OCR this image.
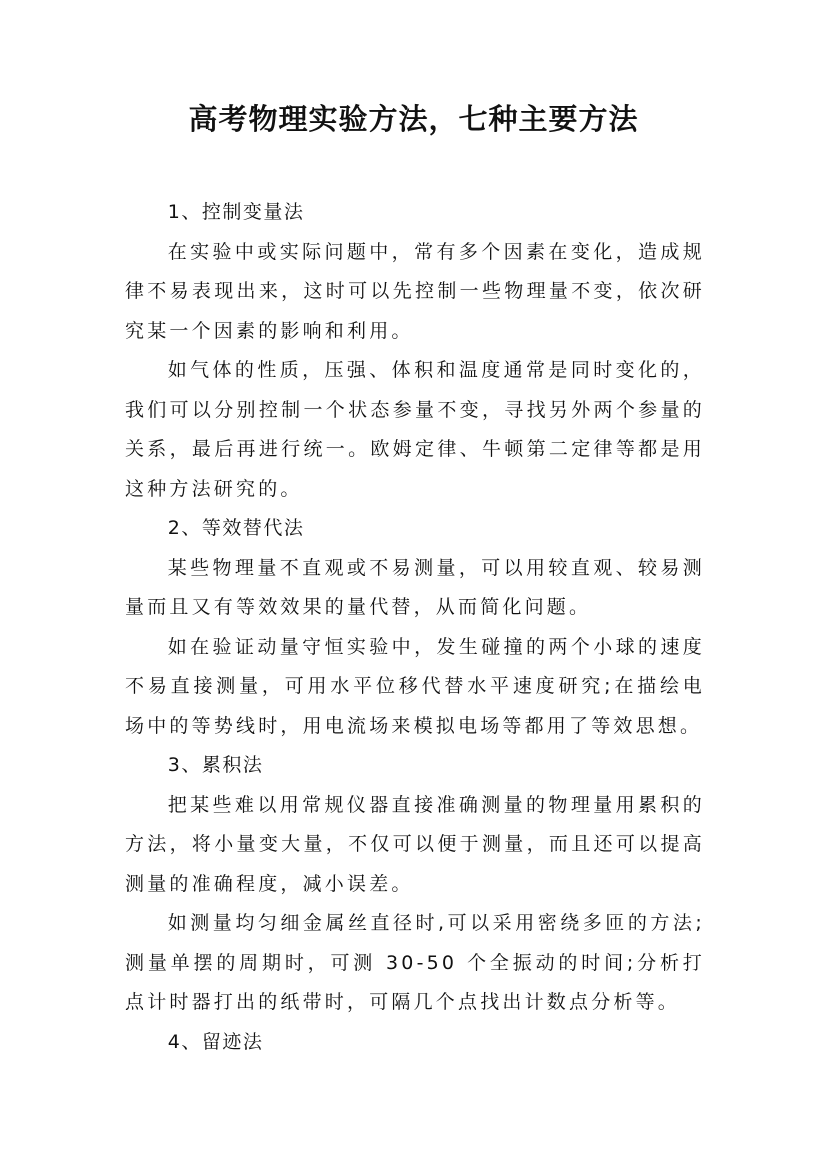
高考物理实验方法，七种主要方法

1、控制变量法

在实验中或实际问题中，常有多个因素在变化，造成规律不易表现出来，这时可以先控制一些物理量不变，依次研究某一个因素的影响和利用。

如气体的性质，压强、体积和温度通常是同时变化的，我们可以分别控制一个状态参量不变，寻找另外两个参量的关系，最后再进行统一。欧姆定律、牛顿第二定律等都是用这种方法研究的。

2、等效替代法

某些物理量不直观或不易测量，可以用较直观、较易测量而且又有等效效果的量代替，从而简化问题。

如在验证动量守恒实验中，发生碰撞的两个小球的速度不易直接测量，可用水平位移代替水平速度研究;在描绘电场中的等势线时，用电流场来模拟电场等都用了等效思想。

3、累积法

把某些难以用常规仪器直接准确测量的物理量用累积的方法，将小量变大量，不仅可以便于测量，而且还可以提高测量的准确程度，减小误差。

如测量均匀细金属丝直径时,可以采用密绕多匝的方法;测量单摆的周期时，可测 30-50 个全振动的时间;分析打点计时器打出的纸带时，可隔几个点找出计数点分析等。

4、留迹法
